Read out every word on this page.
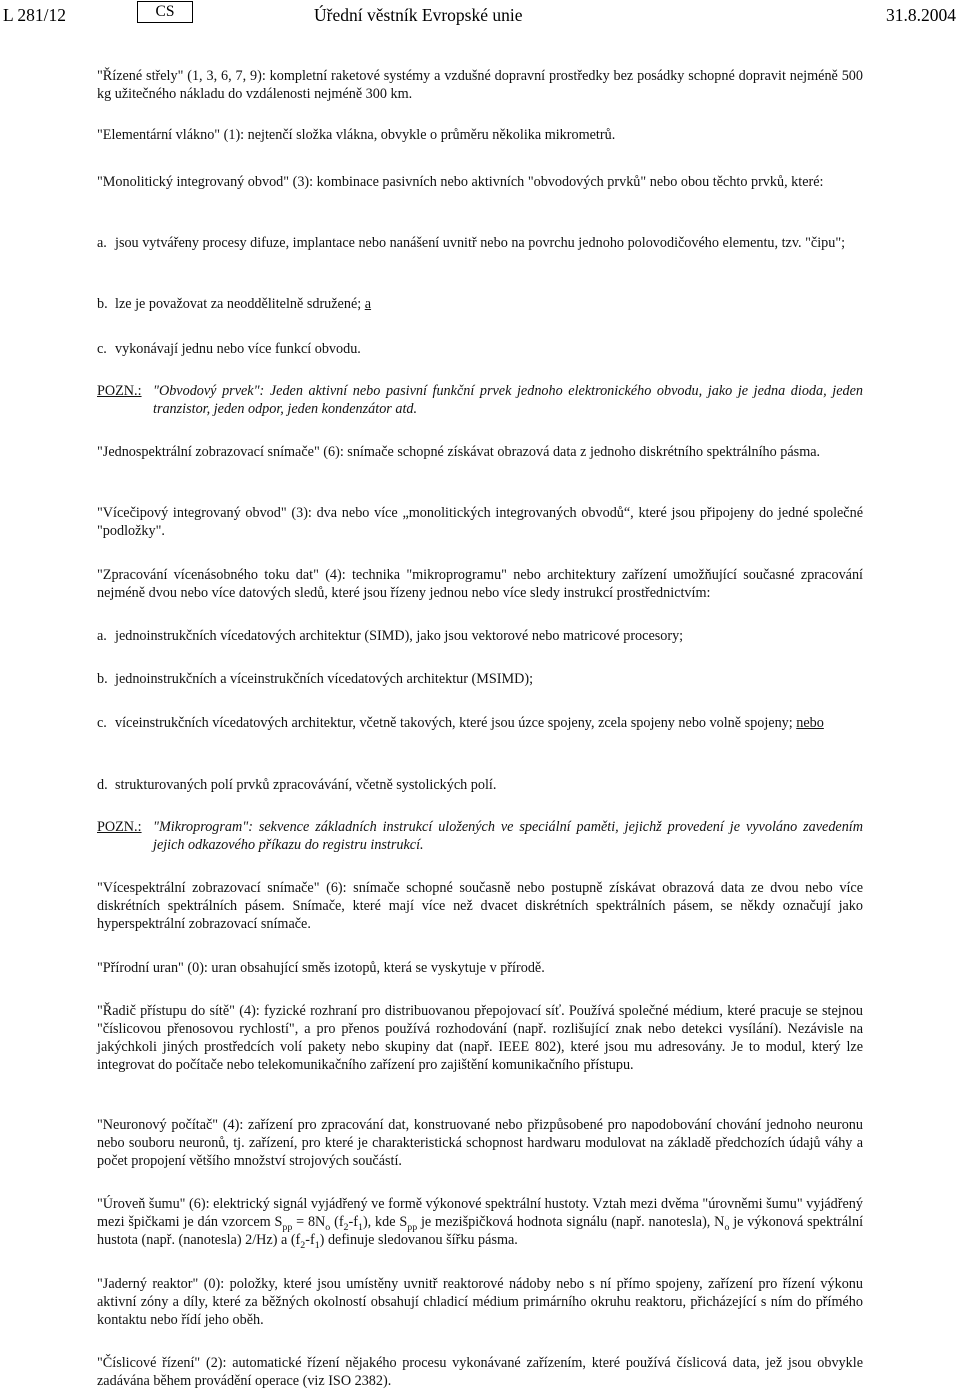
L 281/12	CS	Úřední věstník Evropské unie	31.8.2004

"Řízené střely" (1, 3, 6, 7, 9): kompletní raketové systémy a vzdušné dopravní prostředky bez posádky schopné dopravit nejméně 500 kg užitečného nákladu do vzdálenosti nejméně 300 km.

"Elementární vlákno" (1): nejtenčí složka vlákna, obvykle o průměru několika mikrometrů.

"Monolitický integrovaný obvod" (3): kombinace pasivních nebo aktivních "obvodových prvků" nebo obou těchto prvků, které:

a. jsou vytvářeny procesy difuze, implantace nebo nanášení uvnitř nebo na povrchu jednoho polovodičového elementu, tzv. "čipu";
b. lze je považovat za neoddělitelně sdružené; a
c. vykonávají jednu nebo více funkcí obvodu.
POZN.: "Obvodový prvek": Jeden aktivní nebo pasivní funkční prvek jednoho elektronického obvodu, jako je jedna dioda, jeden tranzistor, jeden odpor, jeden kondenzátor atd.

"Jednospektrální zobrazovací snímače" (6): snímače schopné získávat obrazová data z jednoho diskrétního spektrálního pásma.

"Vícečipový integrovaný obvod" (3): dva nebo více „monolitických integrovaných obvodů“, které jsou připojeny do jedné společné "podložky".

"Zpracování vícenásobného toku dat" (4): technika "mikroprogramu" nebo architektury zařízení umožňující současné zpracování nejméně dvou nebo více datových sledů, které jsou řízeny jednou nebo více sledy instrukcí prostřednictvím:

a. jednoinstrukčních vícedatových architektur (SIMD), jako jsou vektorové nebo matricové procesory;
b. jednoinstrukčních a víceinstrukčních vícedatových architektur (MSIMD);
c. víceinstrukčních vícedatových architektur, včetně takových, které jsou úzce spojeny, zcela spojeny nebo volně spojeny; nebo
d. strukturovaných polí prvků zpracovávání, včetně systolických polí.
POZN.: "Mikroprogram": sekvence základních instrukcí uložených ve speciální paměti, jejichž provedení je vyvoláno zavedením jejich odkazového příkazu do registru instrukcí.

"Vícespektrální zobrazovací snímače" (6): snímače schopné současně nebo postupně získávat obrazová data ze dvou nebo více diskrétních spektrálních pásem. Snímače, které mají více než dvacet diskrétních spektrálních pásem, se někdy označují jako hyperspektrální zobrazovací snímače.

"Přírodní uran" (0): uran obsahující směs izotopů, která se vyskytuje v přírodě.

"Řadič přístupu do sítě" (4): fyzické rozhraní pro distribuovanou přepojovací síť. Používá společné médium, které pracuje se stejnou "číslicovou přenosovou rychlostí", a pro přenos používá rozhodování (např. rozlišující znak nebo detekci vysílání). Nezávisle na jakýchkoli jiných prostředcích volí pakety nebo skupiny dat (např. IEEE 802), které jsou mu adresovány. Je to modul, který lze integrovat do počítače nebo telekomunikačního zařízení pro zajištění komunikačního přístupu.

"Neuronový počítač" (4): zařízení pro zpracování dat, konstruované nebo přizpůsobené pro napodobování chování jednoho neuronu nebo souboru neuronů, tj. zařízení, pro které je charakteristická schopnost hardwaru modulovat na základě předchozích údajů váhy a počet propojení většího množství strojových součástí.

"Úroveň šumu" (6): elektrický signál vyjádřený ve formě výkonové spektrální hustoty. Vztah mezi dvěma "úrovněmi šumu" vyjádřený mezi špičkami je dán vzorcem $S_{pp} = 8N_o$ $(f_2-f_1)$, kde $S_{pp}$ je mezišpičková hodnota signálu (např. nanotesla), $N_o$ je výkonová spektrální hustota (např. (nanotesla) 2/Hz) a $(f_2-f_1)$ definuje sledovanou šířku pásma.

"Jaderný reaktor" (0): položky, které jsou umístěny uvnitř reaktorové nádoby nebo s ní přímo spojeny, zařízení pro řízení výkonu aktivní zóny a díly, které za běžných okolností obsahují chladicí médium primárního okruhu reaktoru, přicházející s ním do přímého kontaktu nebo řídí jeho oběh.

"Číslicové řízení" (2): automatické řízení nějakého procesu vykonávané zařízením, které používá číslicová data, jež jsou obvykle zadávána během provádění operace (viz ISO 2382).
